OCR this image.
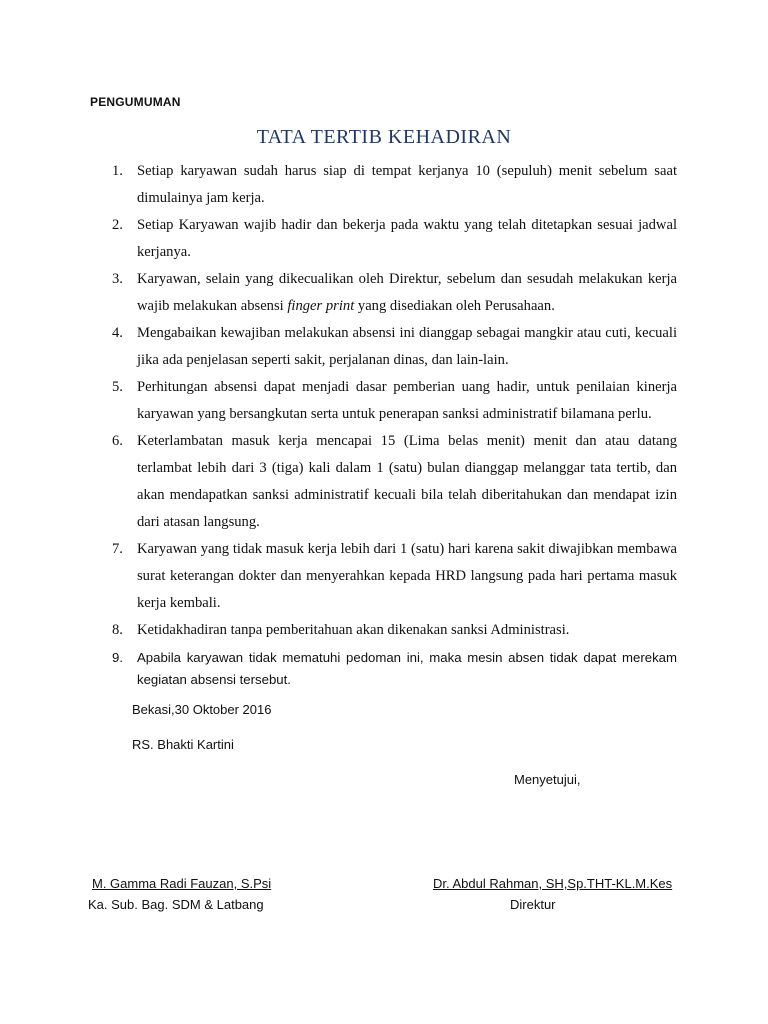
PENGUMUMAN
TATA TERTIB KEHADIRAN
1. Setiap karyawan sudah harus siap di tempat kerjanya 10 (sepuluh) menit sebelum saat dimulainya jam kerja.
2. Setiap Karyawan wajib hadir dan bekerja pada waktu yang telah ditetapkan sesuai jadwal kerjanya.
3. Karyawan, selain yang dikecualikan oleh Direktur, sebelum dan sesudah melakukan kerja wajib melakukan absensi finger print yang disediakan oleh Perusahaan.
4. Mengabaikan kewajiban melakukan absensi ini dianggap sebagai mangkir atau cuti, kecuali jika ada penjelasan seperti sakit, perjalanan dinas, dan lain-lain.
5. Perhitungan absensi dapat menjadi dasar pemberian uang hadir, untuk penilaian kinerja karyawan yang bersangkutan serta untuk penerapan sanksi administratif bilamana perlu.
6. Keterlambatan masuk kerja mencapai 15 (Lima belas menit) menit dan atau datang terlambat lebih dari 3 (tiga) kali dalam 1 (satu) bulan dianggap melanggar tata tertib, dan akan mendapatkan sanksi administratif kecuali bila telah diberitahukan dan mendapat izin dari atasan langsung.
7. Karyawan yang tidak masuk kerja lebih dari 1 (satu) hari karena sakit diwajibkan membawa surat keterangan dokter dan menyerahkan kepada HRD langsung pada hari pertama masuk kerja kembali.
8. Ketidakhadiran tanpa pemberitahuan akan dikenakan sanksi Administrasi.
9. Apabila karyawan tidak mematuhi pedoman ini, maka mesin absen tidak dapat merekam kegiatan absensi tersebut.
Bekasi,30 Oktober 2016
RS. Bhakti Kartini
Menyetujui,
M. Gamma Radi Fauzan, S.Psi
Ka. Sub. Bag. SDM & Latbang
Dr. Abdul Rahman, SH,Sp.THT-KL.M.Kes
Direktur
